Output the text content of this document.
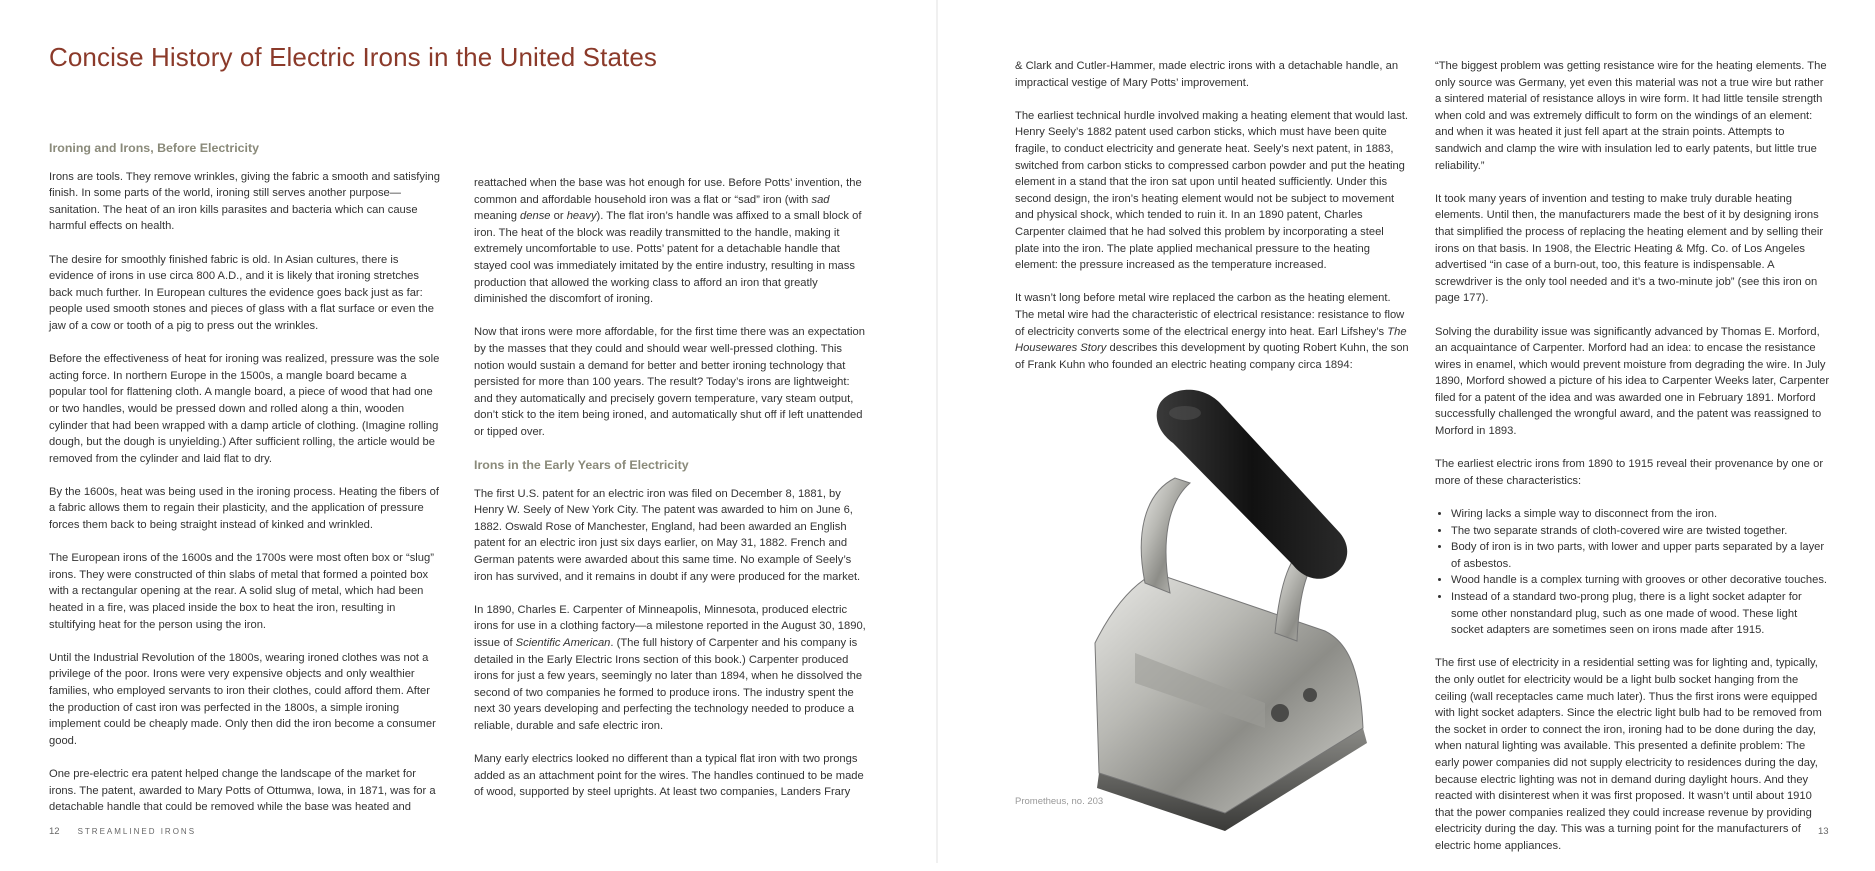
Concise History of Electric Irons in the United States
Ironing and Irons, Before Electricity

Irons are tools. They remove wrinkles, giving the fabric a smooth and satisfying finish. In some parts of the world, ironing still serves another purpose—sanitation. The heat of an iron kills parasites and bacteria which can cause harmful effects on health.

The desire for smoothly finished fabric is old. In Asian cultures, there is evidence of irons in use circa 800 A.D., and it is likely that ironing stretches back much further. In European cultures the evidence goes back just as far: people used smooth stones and pieces of glass with a flat surface or even the jaw of a cow or tooth of a pig to press out the wrinkles.

Before the effectiveness of heat for ironing was realized, pressure was the sole acting force. In northern Europe in the 1500s, a mangle board became a popular tool for flattening cloth. A mangle board, a piece of wood that had one or two handles, would be pressed down and rolled along a thin, wooden cylinder that had been wrapped with a damp article of clothing. (Imagine rolling dough, but the dough is unyielding.) After sufficient rolling, the article would be removed from the cylinder and laid flat to dry.

By the 1600s, heat was being used in the ironing process. Heating the fibers of a fabric allows them to regain their plasticity, and the application of pressure forces them back to being straight instead of kinked and wrinkled.

The European irons of the 1600s and the 1700s were most often box or “slug” irons. They were constructed of thin slabs of metal that formed a pointed box with a rectangular opening at the rear. A solid slug of metal, which had been heated in a fire, was placed inside the box to heat the iron, resulting in stultifying heat for the person using the iron.

Until the Industrial Revolution of the 1800s, wearing ironed clothes was not a privilege of the poor. Irons were very expensive objects and only wealthier families, who employed servants to iron their clothes, could afford them. After the production of cast iron was perfected in the 1800s, a simple ironing implement could be cheaply made. Only then did the iron become a consumer good.

One pre-electric era patent helped change the landscape of the market for irons. The patent, awarded to Mary Potts of Ottumwa, Iowa, in 1871, was for a detachable handle that could be removed while the base was heated and

reattached when the base was hot enough for use. Before Potts’ invention, the common and affordable household iron was a flat or “sad” iron (with sad meaning dense or heavy). The flat iron’s handle was affixed to a small block of iron. The heat of the block was readily transmitted to the handle, making it extremely uncomfortable to use. Potts’ patent for a detachable handle that stayed cool was immediately imitated by the entire industry, resulting in mass production that allowed the working class to afford an iron that greatly diminished the discomfort of ironing.

Now that irons were more affordable, for the first time there was an expectation by the masses that they could and should wear well-pressed clothing. This notion would sustain a demand for better and better ironing technology that persisted for more than 100 years. The result? Today’s irons are lightweight: and they automatically and precisely govern temperature, vary steam output, don’t stick to the item being ironed, and automatically shut off if left unattended or tipped over.

Irons in the Early Years of Electricity

The first U.S. patent for an electric iron was filed on December 8, 1881, by Henry W. Seely of New York City. The patent was awarded to him on June 6, 1882. Oswald Rose of Manchester, England, had been awarded an English patent for an electric iron just six days earlier, on May 31, 1882. French and German patents were awarded about this same time. No example of Seely’s iron has survived, and it remains in doubt if any were produced for the market.

In 1890, Charles E. Carpenter of Minneapolis, Minnesota, produced electric irons for use in a clothing factory—a milestone reported in the August 30, 1890, issue of Scientific American. (The full history of Carpenter and his company is detailed in the Early Electric Irons section of this book.) Carpenter produced irons for just a few years, seemingly no later than 1894, when he dissolved the second of two companies he formed to produce irons. The industry spent the next 30 years developing and perfecting the technology needed to produce a reliable, durable and safe electric iron.

Many early electrics looked no different than a typical flat iron with two prongs added as an attachment point for the wires. The handles continued to be made of wood, supported by steel uprights. At least two companies, Landers Frary

12 STREAMLINED IRONS

& Clark and Cutler-Hammer, made electric irons with a detachable handle, an impractical vestige of Mary Potts’ improvement.

The earliest technical hurdle involved making a heating element that would last. Henry Seely’s 1882 patent used carbon sticks, which must have been quite fragile, to conduct electricity and generate heat. Seely’s next patent, in 1883, switched from carbon sticks to compressed carbon powder and put the heating element in a stand that the iron sat upon until heated sufficiently. Under this second design, the iron’s heating element would not be subject to movement and physical shock, which tended to ruin it. In an 1890 patent, Charles Carpenter claimed that he had solved this problem by incorporating a steel plate into the iron. The plate applied mechanical pressure to the heating element: the pressure increased as the temperature increased.

It wasn’t long before metal wire replaced the carbon as the heating element. The metal wire had the characteristic of electrical resistance: resistance to flow of electricity converts some of the electrical energy into heat. Earl Lifshey’s The Housewares Story describes this development by quoting Robert Kuhn, the son of Frank Kuhn who founded an electric heating company circa 1894:

Prometheus, no. 203

“The biggest problem was getting resistance wire for the heating elements. The only source was Germany, yet even this material was not a true wire but rather a sintered material of resistance alloys in wire form. It had little tensile strength when cold and was extremely difficult to form on the windings of an element: and when it was heated it just fell apart at the strain points. Attempts to sandwich and clamp the wire with insulation led to early patents, but little true reliability.”

It took many years of invention and testing to make truly durable heating elements. Until then, the manufacturers made the best of it by designing irons that simplified the process of replacing the heating element and by selling their irons on that basis. In 1908, the Electric Heating & Mfg. Co. of Los Angeles advertised “in case of a burn-out, too, this feature is indispensable. A screwdriver is the only tool needed and it’s a two-minute job” (see this iron on page 177).

Solving the durability issue was significantly advanced by Thomas E. Morford, an acquaintance of Carpenter. Morford had an idea: to encase the resistance wires in enamel, which would prevent moisture from degrading the wire. In July 1890, Morford showed a picture of his idea to Carpenter Weeks later, Carpenter filed for a patent of the idea and was awarded one in February 1891. Morford successfully challenged the wrongful award, and the patent was reassigned to Morford in 1893.

The earliest electric irons from 1890 to 1915 reveal their provenance by one or more of these characteristics:

• Wiring lacks a simple way to disconnect from the iron.
• The two separate strands of cloth-covered wire are twisted together.
• Body of iron is in two parts, with lower and upper parts separated by a layer of asbestos.
• Wood handle is a complex turning with grooves or other decorative touches.
• Instead of a standard two-prong plug, there is a light socket adapter for some other nonstandard plug, such as one made of wood. These light socket adapters are sometimes seen on irons made after 1915.

The first use of electricity in a residential setting was for lighting and, typically, the only outlet for electricity would be a light bulb socket hanging from the ceiling (wall receptacles came much later). Thus the first irons were equipped with light socket adapters. Since the electric light bulb had to be removed from the socket in order to connect the iron, ironing had to be done during the day, when natural lighting was available. This presented a definite problem: The early power companies did not supply electricity to residences during the day, because electric lighting was not in demand during daylight hours. And they reacted with disinterest when it was first proposed. It wasn’t until about 1910 that the power companies realized they could increase revenue by providing electricity during the day. This was a turning point for the manufacturers of electric home appliances.

13
